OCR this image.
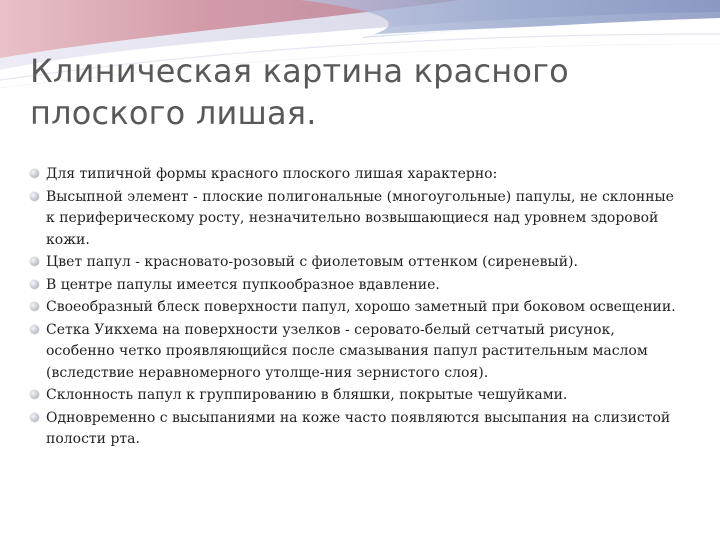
Клиническая картина красного плоского лишая.
Для типичной формы красного плоского лишая характерно:
Высыпной элемент - плоские полигональные (многоугольные) папулы, не склонные к периферическому росту, незначительно возвышающиеся над уровнем здоровой кожи.
Цвет папул - красновато-розовый с фиолетовым оттенком (сиреневый).
В центре папулы имеется пупкообразное вдавление.
Своеобразный блеск поверхности папул, хорошо заметный при боковом освещении.
Сетка Уикхема на поверхности узелков - серовато-белый сетчатый рисунок, особенно четко проявляющийся после смазывания папул растительным маслом (вследствие неравномерного утолще-ния зернистого слоя).
Склонность папул к группированию в бляшки, покрытые чешуйками.
Одновременно с высыпаниями на коже часто появляются высыпания на слизистой полости рта.
